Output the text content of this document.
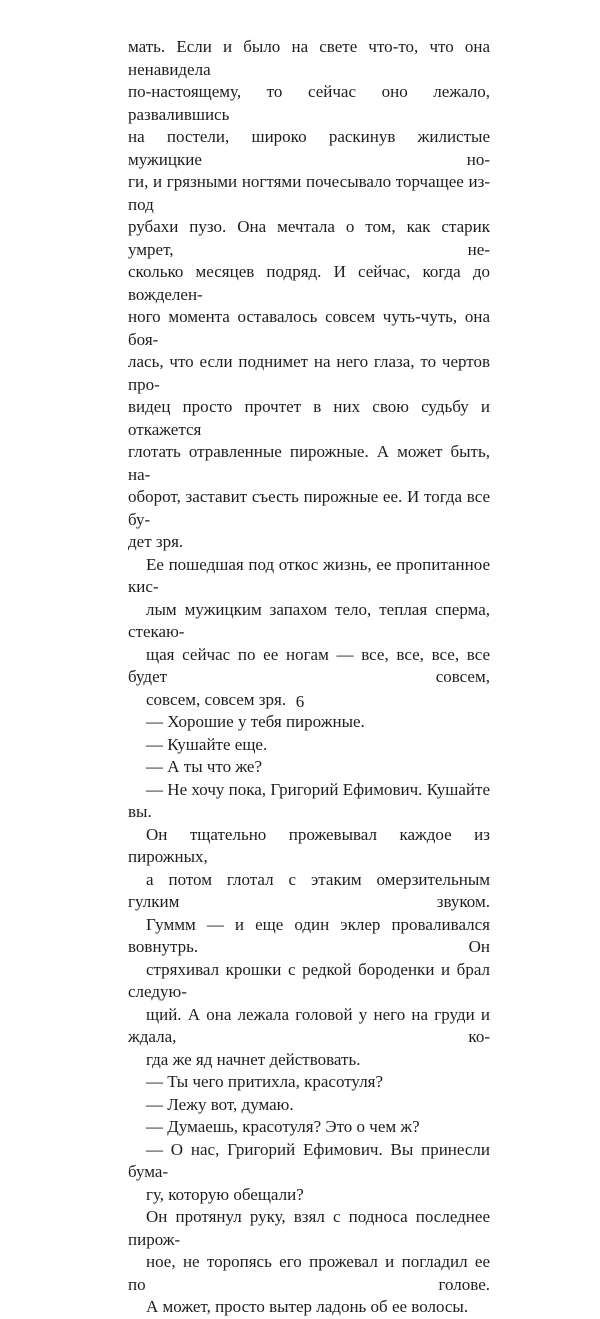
мать. Если и было на свете что-то, что она ненавидела
по-настоящему, то сейчас оно лежало, развалившись
на постели, широко раскинув жилистые мужицкие но-
ги, и грязными ногтями почесывало торчащее из-под
рубахи пузо. Она мечтала о том, как старик умрет, не-
сколько месяцев подряд. И сейчас, когда до вожделен-
ного момента оставалось совсем чуть-чуть, она боя-
лась, что если поднимет на него глаза, то чертов про-
видец просто прочтет в них свою судьбу и откажется
глотать отравленные пирожные. А может быть, на-
оборот, заставит съесть пирожные ее. И тогда все бу-
дет зря.

Ее пошедшая под откос жизнь, ее пропитанное кис-
лым мужицким запахом тело, теплая сперма, стекаю-
щая сейчас по ее ногам — все, все, все, все будет совсем,
совсем, совсем зря.

— Хорошие у тебя пирожные.

— Кушайте еще.

— А ты что же?

— Не хочу пока, Григорий Ефимович. Кушайте вы.

Он тщательно прожевывал каждое из пирожных,
а потом глотал с этаким омерзительным гулким звуком.
Гуммм — и еще один эклер проваливался вовнутрь. Он
стряхивал крошки с редкой бороденки и брал следую-
щий. А она лежала головой у него на груди и ждала, ко-
гда же яд начнет действовать.

— Ты чего притихла, красотуля?

— Лежу вот, думаю.

— Думаешь, красотуля? Это о чем ж?

— О нас, Григорий Ефимович. Вы принесли бума-
гу, которую обещали?

Он протянул руку, взял с подноса последнее пирож-
ное, не торопясь его прожевал и погладил ее по голове.
А может, просто вытер ладонь об ее волосы.

6
